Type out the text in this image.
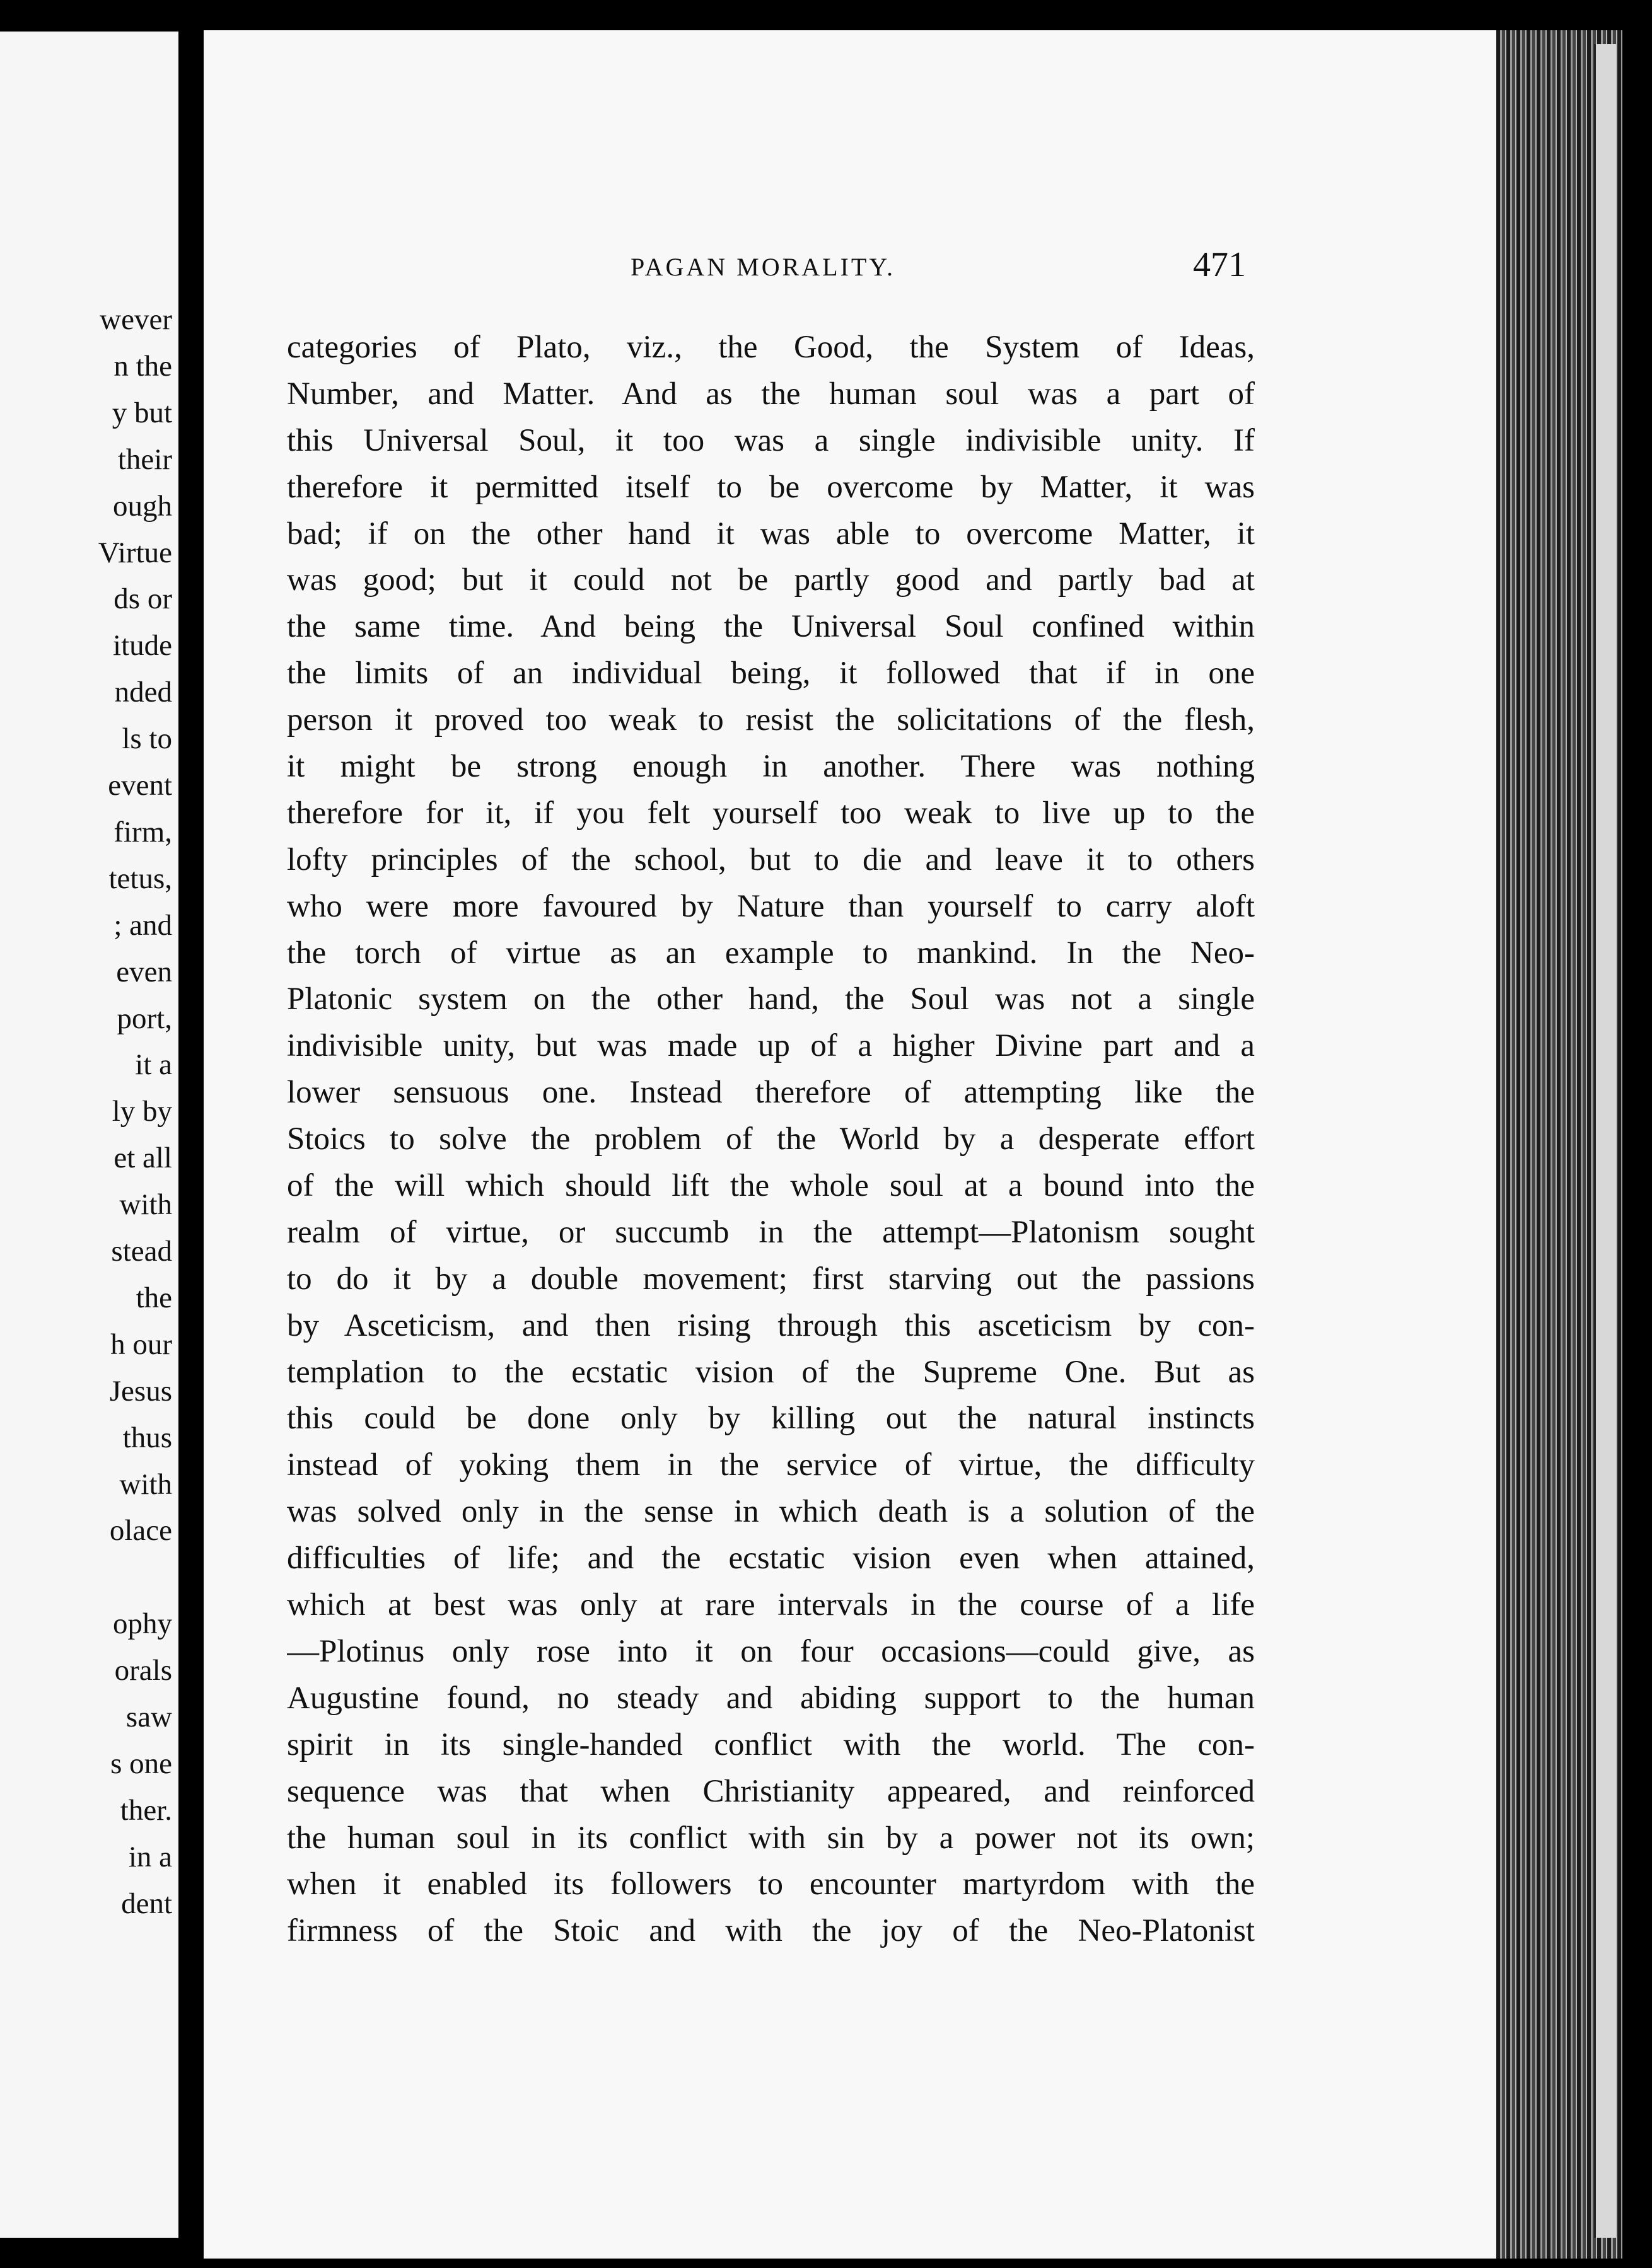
wever
n the
y but
their
ough
Virtue
ds or
itude
nded
ls to
event
firm,
tetus,
; and
even
port,
it a
ly by
et all
with
stead
the
h our
Jesus
thus
with
olace
ophy
orals
saw
s one
ther.
in a
dent
PAGAN MORALITY.	471
categories of Plato, viz., the Good, the System of Ideas,
Number, and Matter. And as the human soul was a part of
this Universal Soul, it too was a single indivisible unity. If
therefore it permitted itself to be overcome by Matter, it was
bad; if on the other hand it was able to overcome Matter, it
was good; but it could not be partly good and partly bad at
the same time. And being the Universal Soul confined within
the limits of an individual being, it followed that if in one
person it proved too weak to resist the solicitations of the flesh,
it might be strong enough in another. There was nothing
therefore for it, if you felt yourself too weak to live up to the
lofty principles of the school, but to die and leave it to others
who were more favoured by Nature than yourself to carry aloft
the torch of virtue as an example to mankind. In the Neo-
Platonic system on the other hand, the Soul was not a single
indivisible unity, but was made up of a higher Divine part and a
lower sensuous one. Instead therefore of attempting like the
Stoics to solve the problem of the World by a desperate effort
of the will which should lift the whole soul at a bound into the
realm of virtue, or succumb in the attempt—Platonism sought
to do it by a double movement; first starving out the passions
by Asceticism, and then rising through this asceticism by con-
templation to the ecstatic vision of the Supreme One. But as
this could be done only by killing out the natural instincts
instead of yoking them in the service of virtue, the difficulty
was solved only in the sense in which death is a solution of the
difficulties of life; and the ecstatic vision even when attained,
which at best was only at rare intervals in the course of a life
—Plotinus only rose into it on four occasions—could give, as
Augustine found, no steady and abiding support to the human
spirit in its single-handed conflict with the world. The con-
sequence was that when Christianity appeared, and reinforced
the human soul in its conflict with sin by a power not its own;
when it enabled its followers to encounter martyrdom with the
firmness of the Stoic and with the joy of the Neo-Platonist
